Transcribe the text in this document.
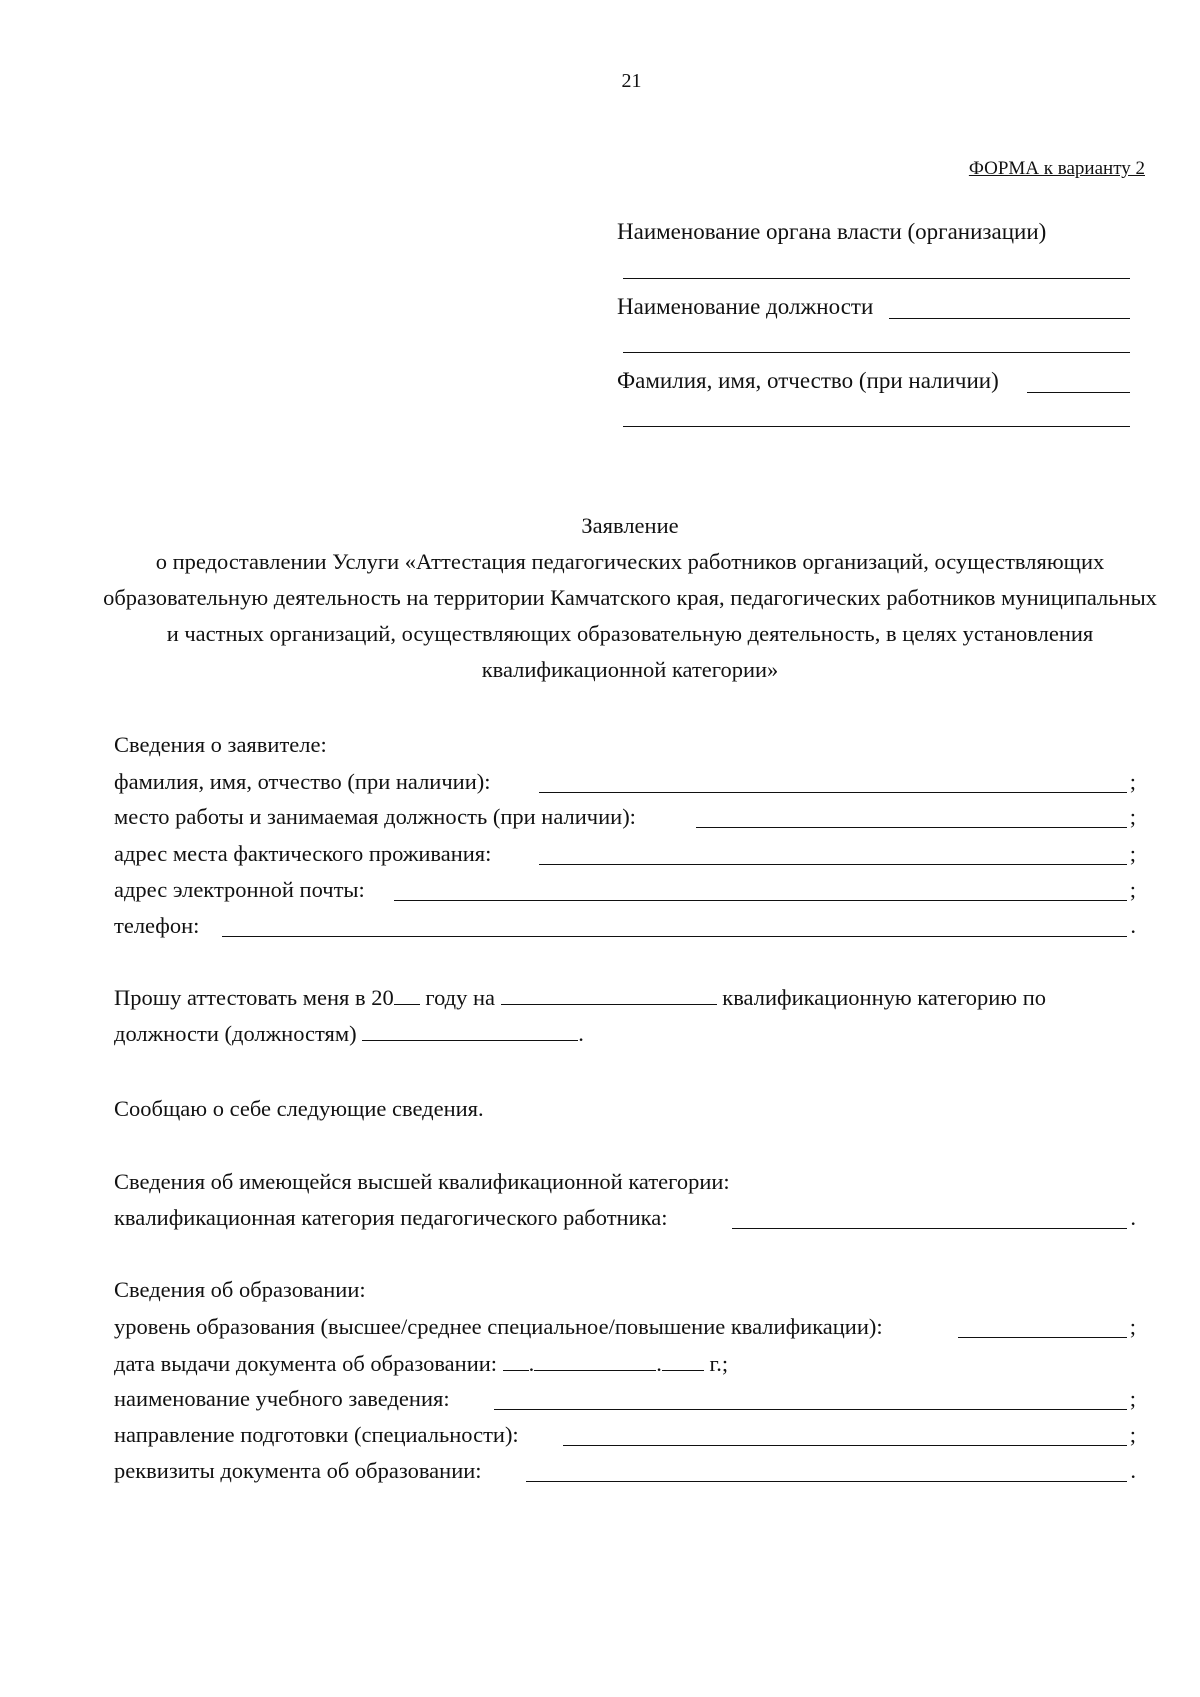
21
ФОРМА к варианту 2
Наименование органа власти (организации)
Наименование должности
Фамилия, имя, отчество (при наличии)
Заявление
о предоставлении Услуги «Аттестация педагогических работников организаций, осуществляющих образовательную деятельность на территории Камчатского края, педагогических работников муниципальных и частных организаций, осуществляющих образовательную деятельность, в целях установления квалификационной категории»
Сведения о заявителе:
фамилия, имя, отчество (при наличии):	;
место работы и занимаемая должность (при наличии):	;
адрес места фактического проживания:	;
адрес электронной почты:	;
телефон:	.
Прошу аттестовать меня в 20 году на	квалификационную категорию по
должности (должностям)	.
Сообщаю о себе следующие сведения.
Сведения об имеющейся высшей квалификационной категории:
квалификационная категория педагогического работника:	.
Сведения об образовании:
уровень образования (высшее/среднее специальное/повышение квалификации):	;
дата выдачи документа об образовании: .	. г.;
наименование учебного заведения:	;
направление подготовки (специальности):	;
реквизиты документа об образовании:	.
